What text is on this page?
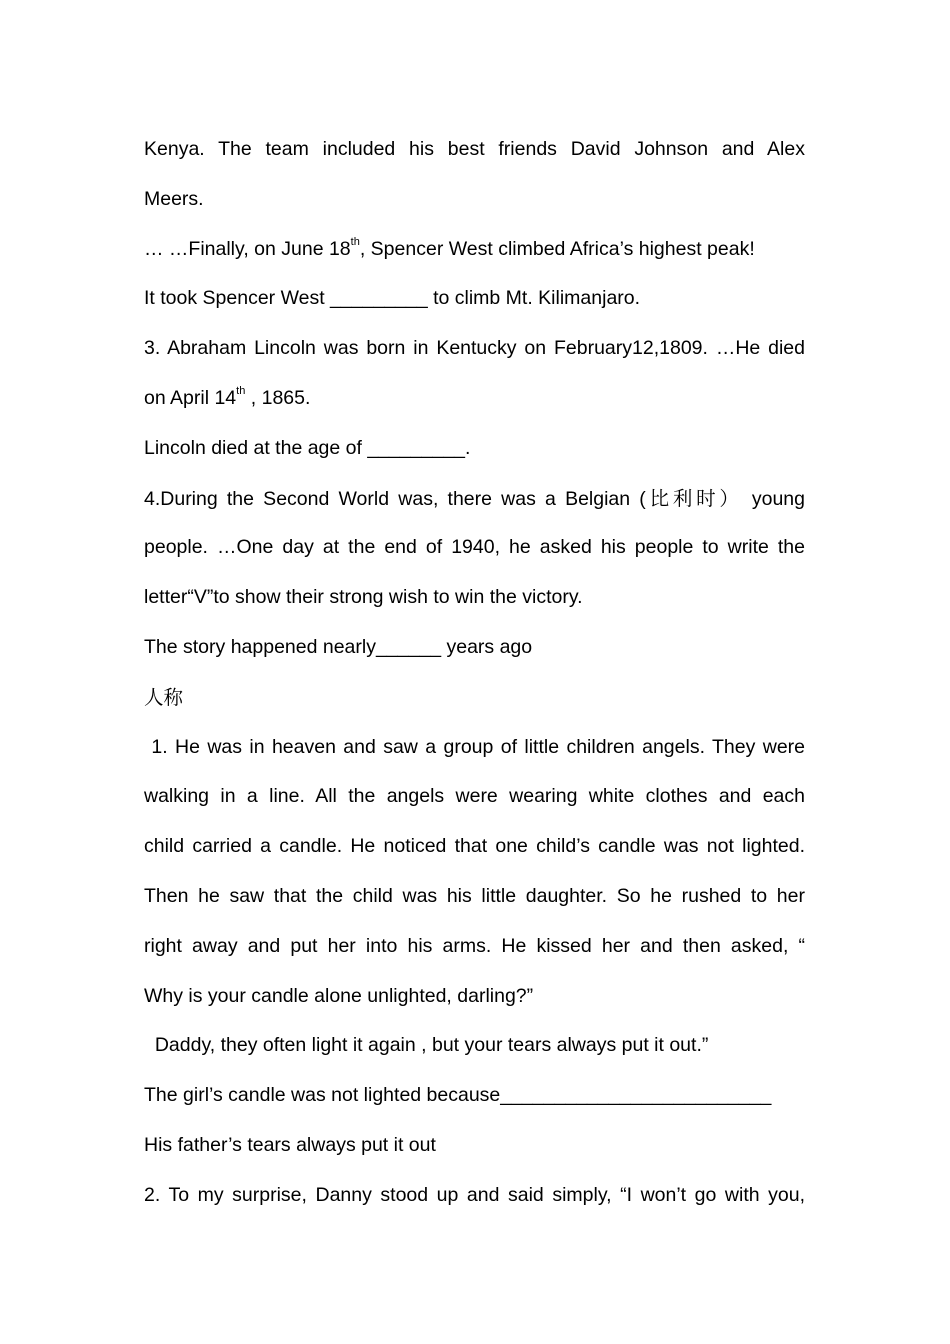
Kenya. The team included his best friends David Johnson and Alex
Meers.
… …Finally, on June 18th, Spencer West climbed Africa’s highest peak!
It took Spencer West _________ to climb Mt. Kilimanjaro.
3. Abraham Lincoln was born in Kentucky on February12,1809. …He died
on April 14th , 1865.
Lincoln died at the age of _________.
4.During the Second World was, there was a Belgian (比利时） young
people. …One day at the end of 1940, he asked his people to write the
letter“V”to show their strong wish to win the victory.
The story happened nearly______ years ago
人称
1. He was in heaven and saw a group of little children angels. They were
walking in a line. All the angels were wearing white clothes and each
child carried a candle. He noticed that one child’s candle was not lighted.
Then he saw that the child was his little daughter. So he rushed to her
right away and put her into his arms. He kissed her and then asked, “
Why is your candle alone unlighted, darling?”
Daddy, they often light it again , but your tears always put it out.”
The girl’s candle was not lighted because_________________________
His father’s tears always put it out
2. To my surprise, Danny stood up and said simply, “I won’t go with you,
